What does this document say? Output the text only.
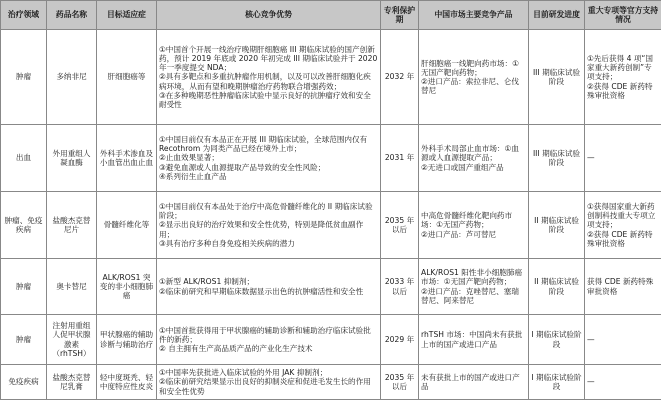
治疗领域	药品名称	目标适应症	核心竞争优势	专利保护期	中国市场主要竞争产品	目前研发进度	重大专项等官方支持情况
肿瘤	多纳非尼	肝细胞癌等	①中国首个开展一线治疗晚期肝细胞癌 III 期临床试验的国产创新药，预计 2019 年底或 2020 年初完成 III 期临床试验并于 2020 年一季度提交 NDA；
②具有多靶点和多重抗肿瘤作用机制，以及可以改善肝细胞化疾病环境，从而有望和晚期肿瘤治疗药物联合增强药效；
③在多种晚期恶性肿瘤临床试验中显示良好的抗肿瘤疗效和安全耐受性	2032 年	肝细胞癌一线靶向药市场：①无国产靶向药物；
②进口产品：索拉非尼、仑伐替尼	III 期临床试验阶段	①先后获得 4 项“国家重大新药创制”专项支持；
②获得 CDE 新药特殊审批资格

出血	外用重组人凝血酶	外科手术渗血及小血管出血止血	①中国目前仅有本品正在开展 III 期临床试验，全球范围内仅有 Recothrom 为同类产品已经在境外上市；
②止血效果显著；
③避免血源或人血源提取产品导致的安全性风险；
④系列衍生止血产品	2031 年	外科手术局部止血市场：①血源或人血源提取产品；
②无进口或国产重组产品	III 期临床试验阶段	—

肿瘤、免疫疾病	盐酸杰克替尼片	骨髓纤维化等	①中国目前仅有本品处于治疗中高危骨髓纤维化的 II 期临床试验阶段；
②显示出良好的治疗效果和安全性优势，特别是降低贫血副作用；
③具有治疗多种自身免疫相关疾病的潜力	2035 年以后	中高危骨髓纤维化靶向药市场：①无国产药物；
②进口产品：芦可替尼	II 期临床试验阶段	①获得国家重大新药创制科技重大专项立项支持；
②获得 CDE 新药特殊审批资格

肿瘤	奥卡替尼	ALK/ROS1 突变的非小细胞肺癌	①新型 ALK/ROS1 抑制剂；
②临床前研究和早期临床数据显示出色的抗肿瘤活性和安全性	2033 年以后	ALK/ROS1 阳性非小细胞肺癌市场：①无国产靶向药物；
②进口产品：克唑替尼、塞瑞替尼、阿来替尼	II 期临床试验阶段	获得 CDE 新药特殊审批资格

肿瘤	注射用重组人促甲状腺激素（rhTSH）	甲状腺癌的辅助诊断与辅助治疗	①中国首批获得用于甲状腺癌的辅助诊断和辅助治疗临床试验批件的新药；
② 自主拥有生产高品质产品的产业化生产技术	2029 年	rhTSH 市场：中国尚未有获批上市的国产或进口产品	I 期临床试验阶段	—

免疫疾病	盐酸杰克替尼乳膏	轻中度斑秃、轻中度特应性皮炎	①中国率先获批进入临床试验的外用 JAK 抑制剂；
②临床前研究结果显示出良好的抑制炎症和促进毛发生长的作用和安全性优势	2035 年以后	未有获批上市的国产或进口产品	I 期临床试验阶段	—
